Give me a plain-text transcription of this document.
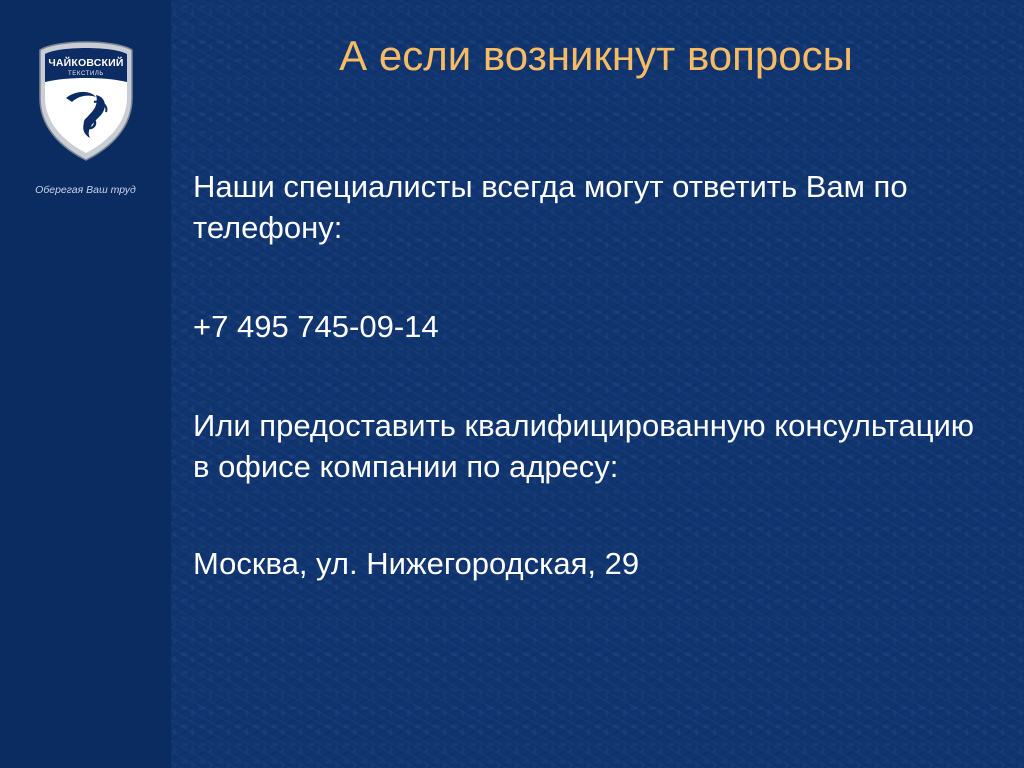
ЧАЙКОВСКИЙ
ТЕКСТИЛЬ
Оберегая Ваш труд
А если возникнут вопросы

Наши специалисты всегда могут ответить Вам по телефону:

+7 495 745-09-14

Или предоставить квалифицированную консультацию в офисе компании по адресу:

Москва, ул. Нижегородская, 29
